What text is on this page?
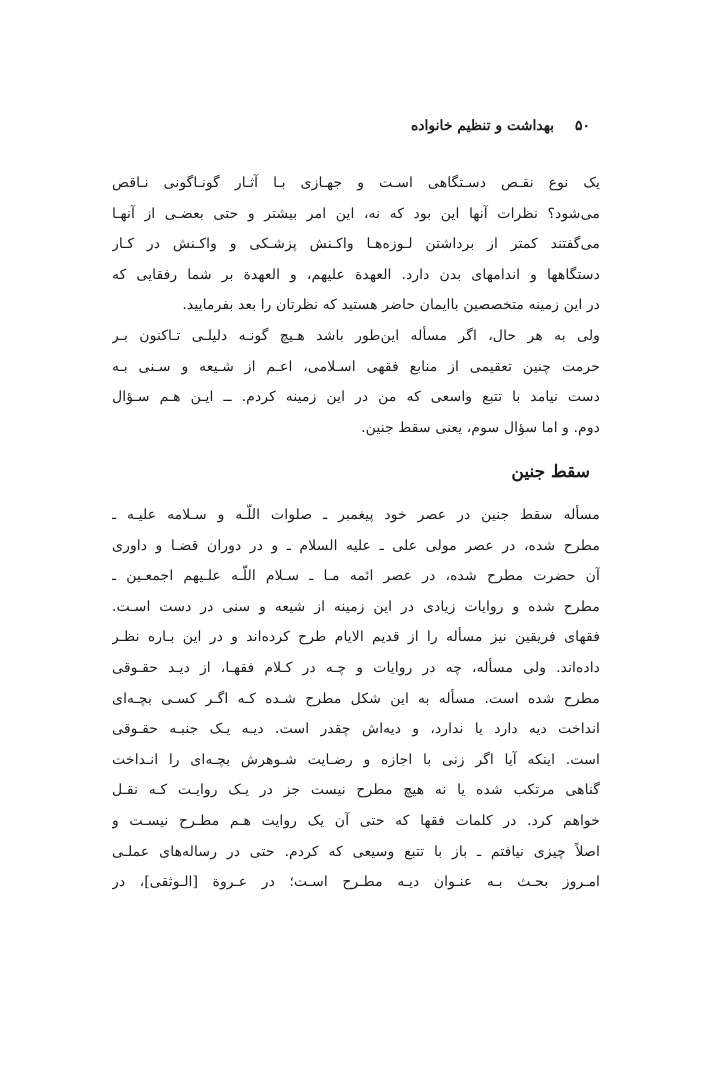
۵۰ بهداشت و تنظیم خانواده
یک نوع نقـص دسـتگاهی اسـت و جهـازی بـا آثـار گونـاگونی نـاقص
می‌شود؟ نظرات آنها این بود که نه، این امر بیشتر و حتی بعضـی از آنهـا
می‌گفتند کمتر از برداشتن لـوزه‌هـا واکـنش پزشـکی و واکـنش در کـار
دستگاهها و اندامهای بدن دارد. العهدة علیهم، و العهدة بر شما رفقایی که
در این زمینه متخصصین باایمان حاضر هستید که نظرتان را بعد بفرمایید.
ولی به هر حال، اگر مسأله این‌طور باشد هـیچ گونـه دلیلـی تـاکنون بـر
حرمت چنین تعقیمی از منابع فقهی اسـلامی، اعـم از شـیعه و سـنی بـه
دست نیامد با تتبع واسعی که من در این زمینه کردم. ــ ایـن هـم سـؤال
دوم. و اما سؤال سوم، یعنی سقط جنین.
سقط جنین
مسأله سقط جنین در عصر خود پیغمبر ـ صلوات اللّـه و سـلامه علیـه ـ
مطرح شده، در عصر مولی علی ـ علیه السلام ـ و در دوران قضـا و داوری
آن حضرت مطرح شده، در عصر ائمه مـا ـ سـلام اللّـه علـیهم اجمعـین ـ
مطرح شده و روایات زیادی در این زمینه از شیعه و سنی در دست اسـت.
فقهای فریقین نیز مسأله را از قدیم الایام طرح کرده‌اند و در این بـاره نظـر
داده‌اند. ولی مسأله، چه در روایات و چـه در کـلام فقهـا، از دیـد حقـوقی
مطرح شده است. مسأله به این شکل مطرح شـده کـه اگـر کسـی بچـه‌ای
انداخت دیه دارد یا ندارد، و دیه‌اش چقدر است. دیـه یـک جنبـه حقـوقی
است. اینکه آیا اگر زنی با اجازه و رضـایت شـوهرش بچـه‌ای را انـداخت
گناهی مرتکب شده یا نه هیچ مطرح نیست جز در یـک روایـت کـه نقـل
خواهم کرد. در کلمات فقها که حتی آن یک روایت هـم مطـرح نیسـت و
اصلاً چیزی نیافتم ـ باز با تتبع وسیعی که کردم. حتی در رساله‌های عملـی
امـروز بحـث بـه عنـوان دیـه مطـرح اسـت؛ در عـروة [الـوثقی]، در
